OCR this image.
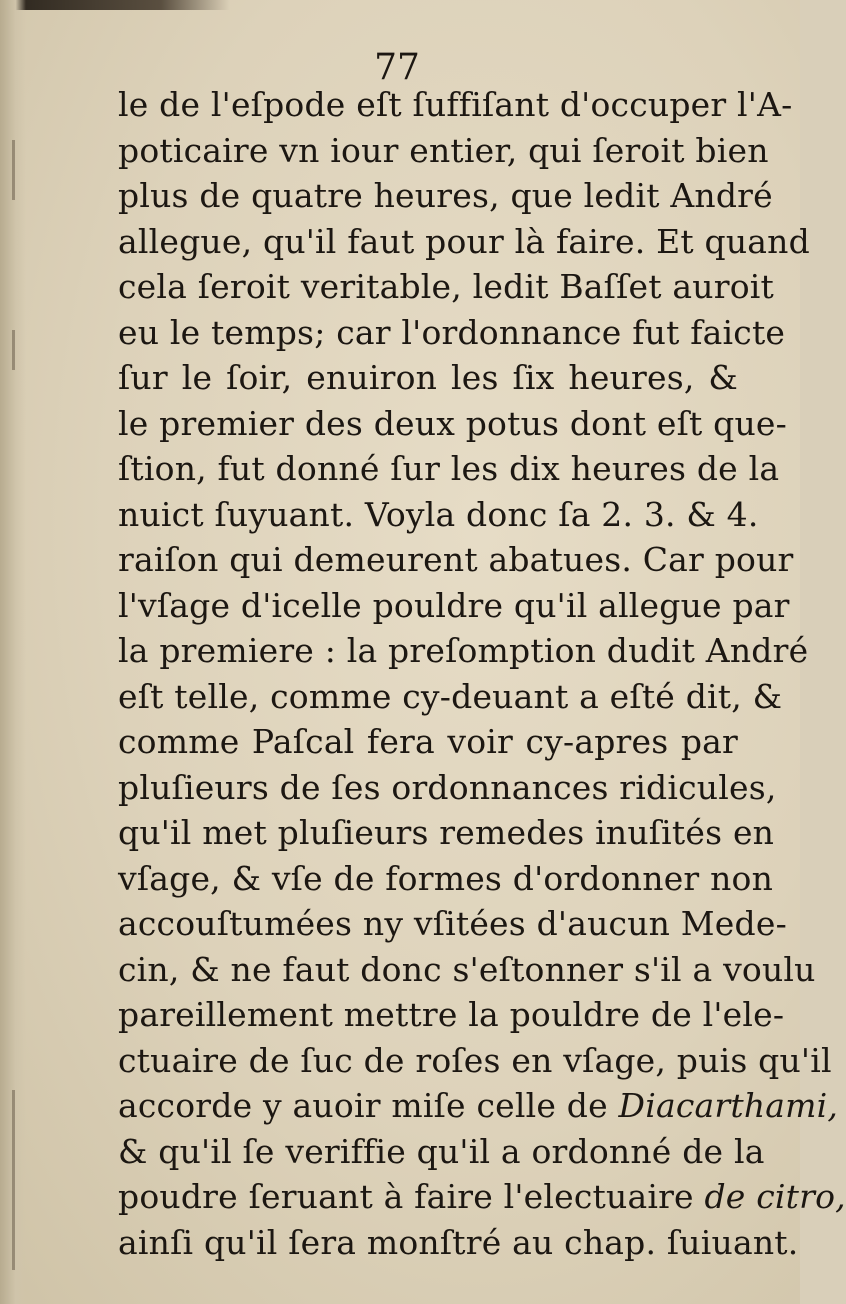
77
le de l'eſpode eſt ſuffiſant d'occuper l'A-
poticaire vn iour entier, qui ſeroit bien
plus de quatre heures, que ledit André
allegue, qu'il faut pour là faire. Et quand
cela ſeroit veritable, ledit Baſſet auroit
eu le temps; car l'ordonnance fut faicte
ſur le ſoir, enuiron les ſix heures, &
le premier des deux potus dont eſt que-
ſtion, fut donné ſur les dix heures de la
nuict ſuyuant. Voyla donc ſa 2. 3. & 4.
raiſon qui demeurent abatues. Car pour
l'vſage d'icelle pouldre qu'il allegue par
la premiere : la preſomption dudit André
eſt telle, comme cy-deuant a eſté dit, &
comme Paſcal fera voir cy-apres par
pluſieurs de ſes ordonnances ridicules,
qu'il met pluſieurs remedes inuſités en
vſage, & vſe de formes d'ordonner non
accouſtumées ny vſitées d'aucun Mede-
cin, & ne faut donc s'eſtonner s'il a voulu
pareillement mettre la pouldre de l'ele-
ctuaire de ſuc de roſes en vſage, puis qu'il
accorde y auoir miſe celle de Diacarthami,
& qu'il ſe veriffie qu'il a ordonné de la
poudre ſeruant à faire l'electuaire de citro,
ainſi qu'il ſera monſtré au chap. ſuiuant.
